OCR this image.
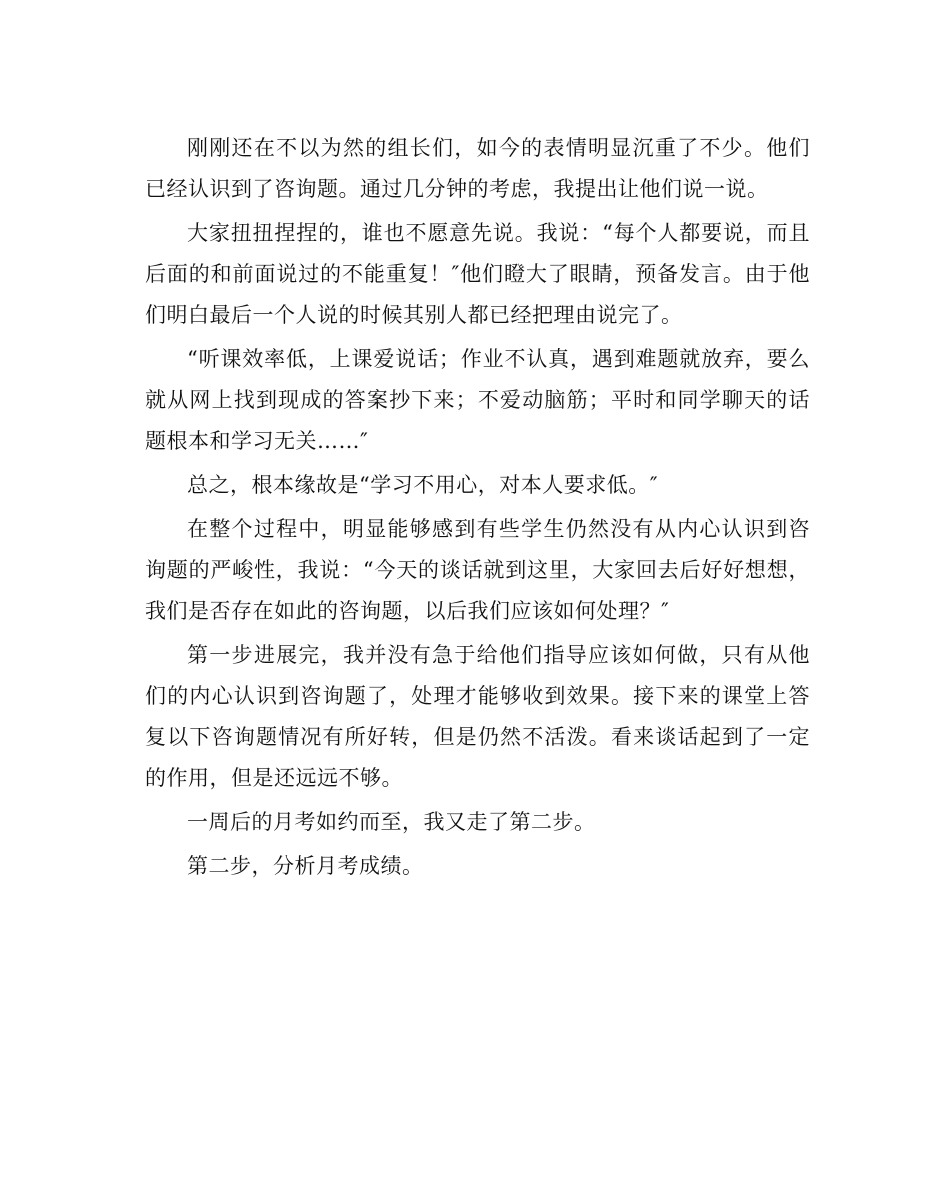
刚刚还在不以为然的组长们，如今的表情明显沉重了不少。他们已经认识到了咨询题。通过几分钟的考虑，我提出让他们说一说。

大家扭扭捏捏的，谁也不愿意先说。我说：“每个人都要说，而且后面的和前面说过的不能重复！″他们瞪大了眼睛，预备发言。由于他们明白最后一个人说的时候其别人都已经把理由说完了。

“听课效率低，上课爱说话；作业不认真，遇到难题就放弃，要么就从网上找到现成的答案抄下来；不爱动脑筋；平时和同学聊天的话题根本和学习无关……″

总之，根本缘故是“学习不用心，对本人要求低。″

在整个过程中，明显能够感到有些学生仍然没有从内心认识到咨询题的严峻性，我说：“今天的谈话就到这里，大家回去后好好想想，我们是否存在如此的咨询题，以后我们应该如何处理？″

第一步进展完，我并没有急于给他们指导应该如何做，只有从他们的内心认识到咨询题了，处理才能够收到效果。接下来的课堂上答复以下咨询题情况有所好转，但是仍然不活泼。看来谈话起到了一定的作用，但是还远远不够。

一周后的月考如约而至，我又走了第二步。

第二步，分析月考成绩。
